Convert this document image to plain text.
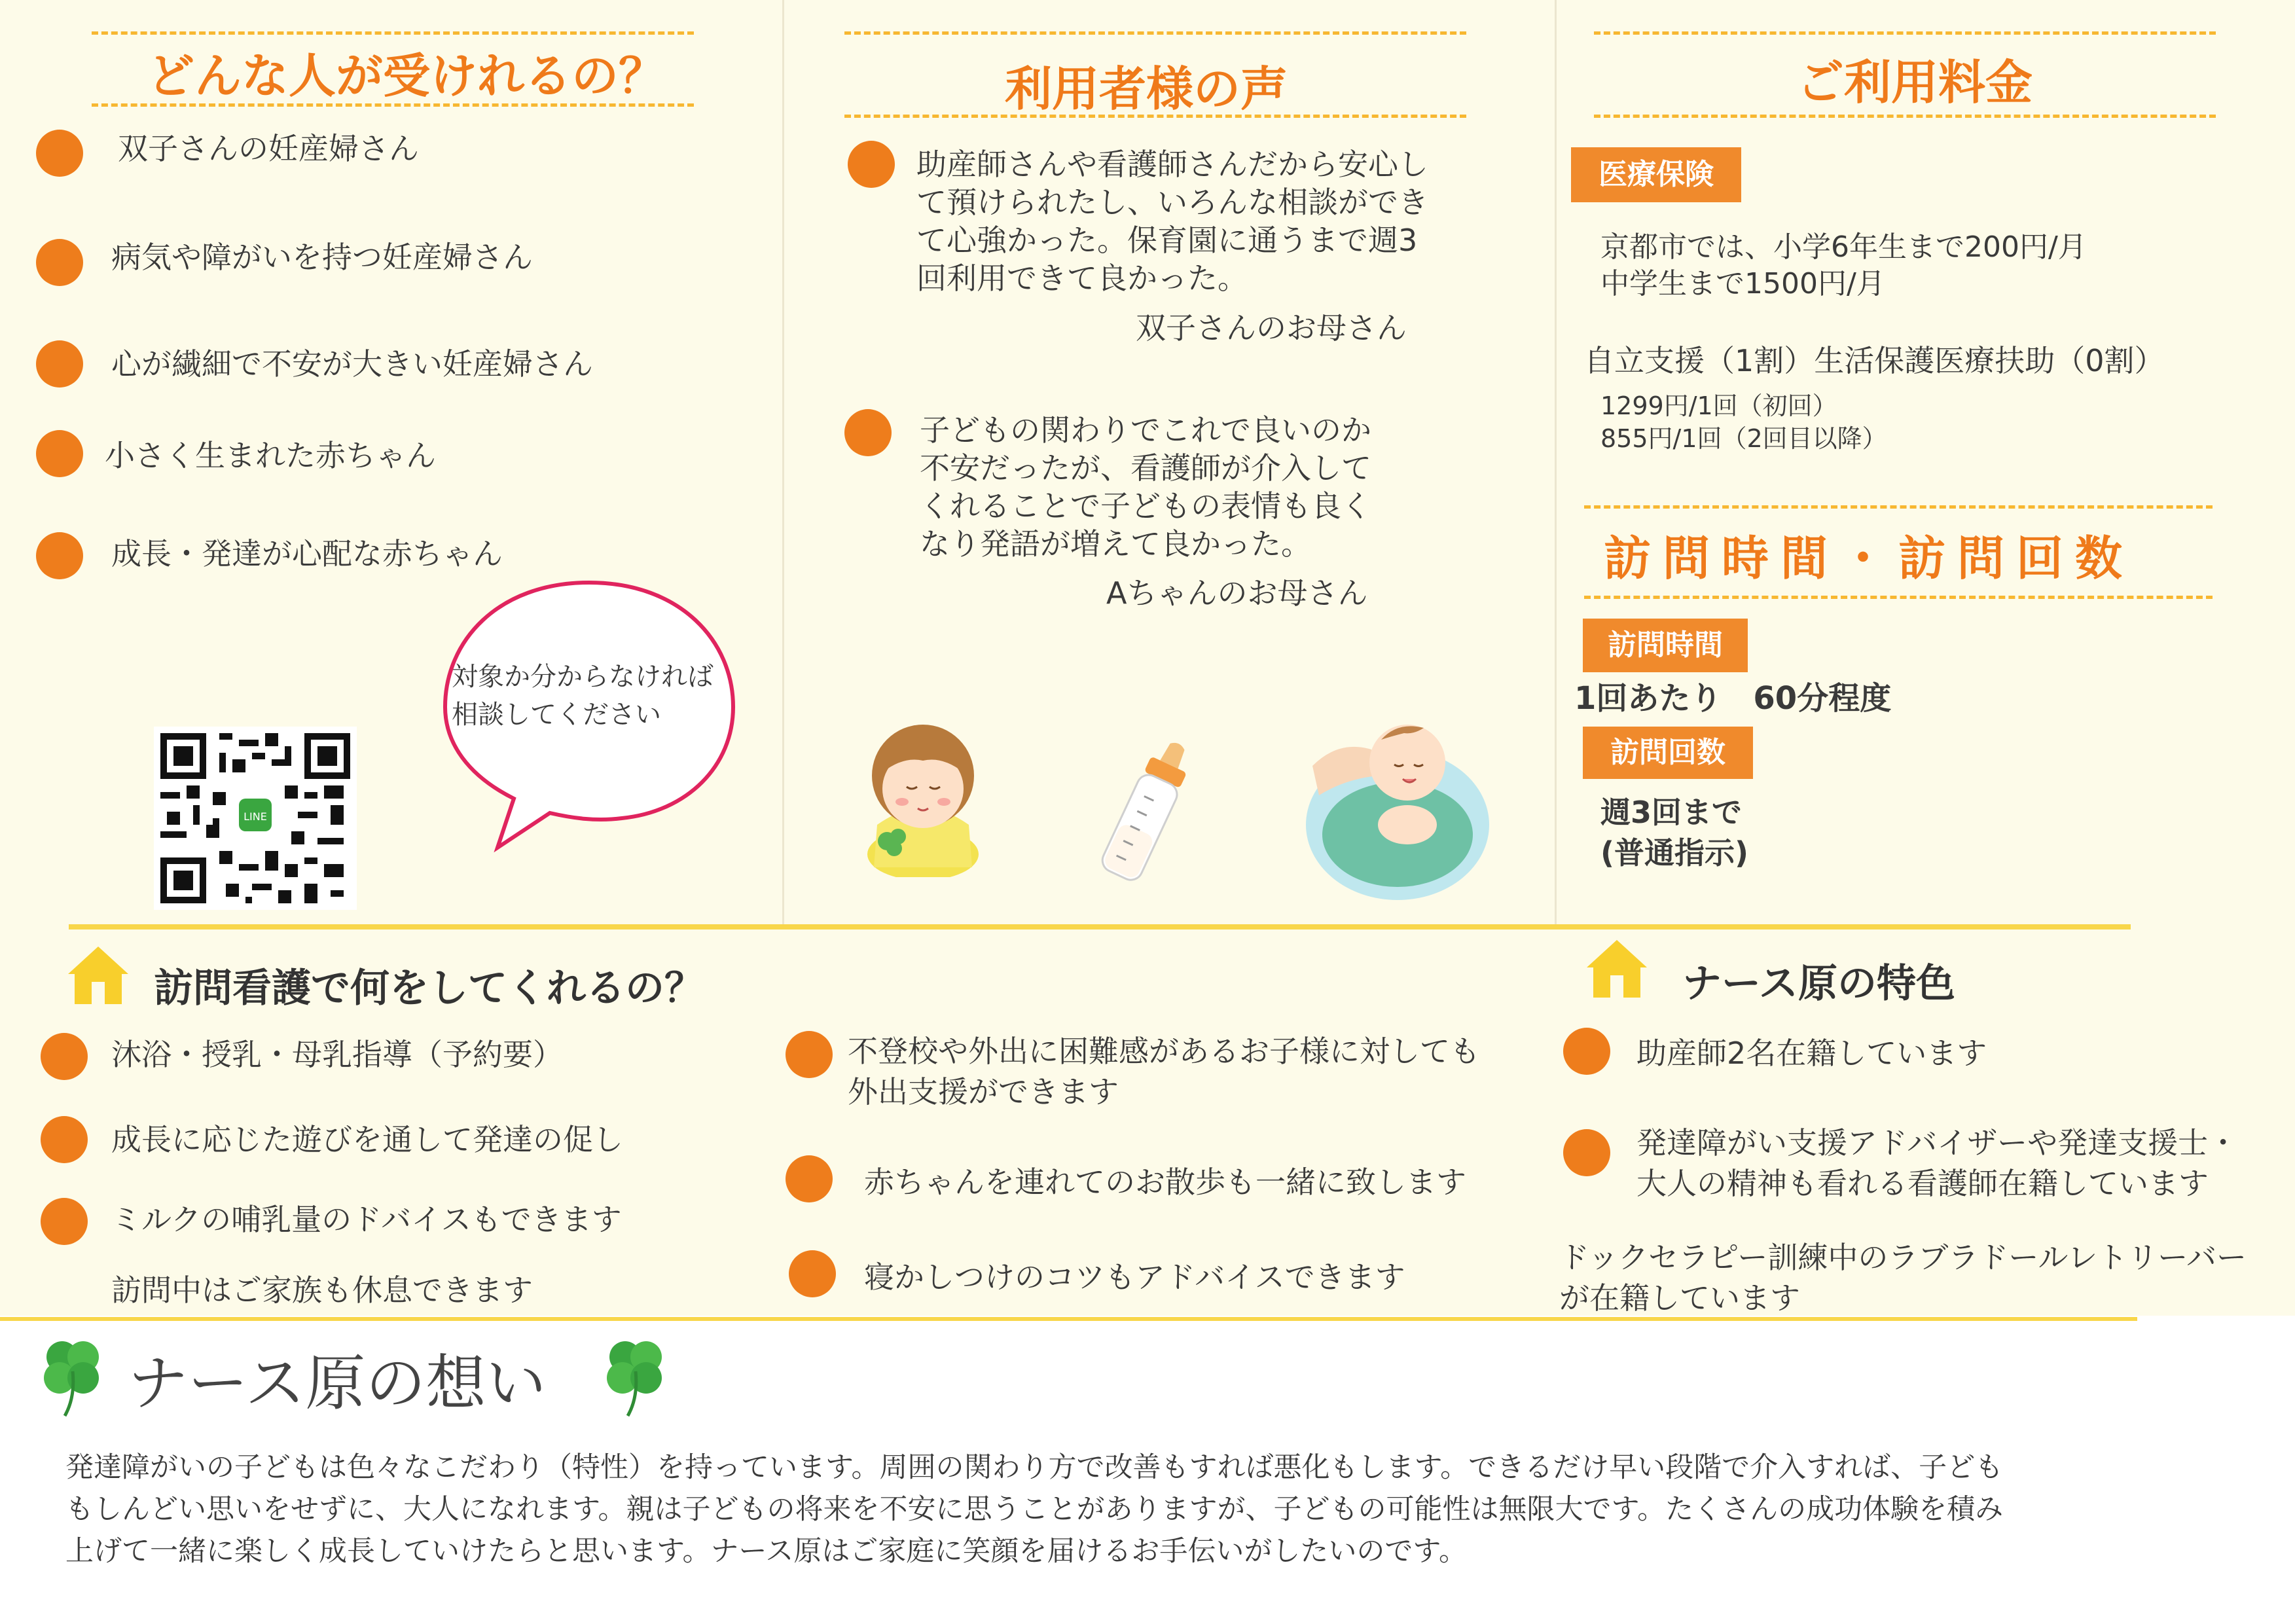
どんな人が受けれるの？
双子さんの妊産婦さん
病気や障がいを持つ妊産婦さん
心が繊細で不安が大きい妊産婦さん
小さく生まれた赤ちゃん
成長・発達が心配な赤ちゃん
対象か分からなければ
相談してください
LINE
利用者様の声
助産師さんや看護師さんだから安心し
て預けられたし、いろんな相談ができ
て心強かった。保育園に通うまで週3
回利用できて良かった。
双子さんのお母さん
子どもの関わりでこれで良いのか
不安だったが、看護師が介入して
くれることで子どもの表情も良く
なり発語が増えて良かった。
Aちゃんのお母さん
ご利用料金
医療保険
京都市では、小学6年生まで200円/月
中学生まで1500円/月
自立支援（1割）生活保護医療扶助（0割）
1299円/1回（初回）
855円/1回（2回目以降）
訪問時間・訪問回数
訪問時間
1回あたり　60分程度
訪問回数
週3回まで
(普通指示)
訪問看護で何をしてくれるの？
沐浴・授乳・母乳指導（予約要）
成長に応じた遊びを通して発達の促し
ミルクの哺乳量のドバイスもできます
訪問中はご家族も休息できます
不登校や外出に困難感があるお子様に対しても
外出支援ができます
赤ちゃんを連れてのお散歩も一緒に致します
寝かしつけのコツもアドバイスできます
ナース原の特色
助産師2名在籍しています
発達障がい支援アドバイザーや発達支援士・
大人の精神も看れる看護師在籍しています
ドックセラピー訓練中のラブラドールレトリーバー
が在籍しています
ナース原の想い
発達障がいの子どもは色々なこだわり（特性）を持っています。周囲の関わり方で改善もすれば悪化もします。できるだけ早い段階で介入すれば、子ども
もしんどい思いをせずに、大人になれます。親は子どもの将来を不安に思うことがありますが、子どもの可能性は無限大です。たくさんの成功体験を積み
上げて一緒に楽しく成長していけたらと思います。ナース原はご家庭に笑顔を届けるお手伝いがしたいのです。
